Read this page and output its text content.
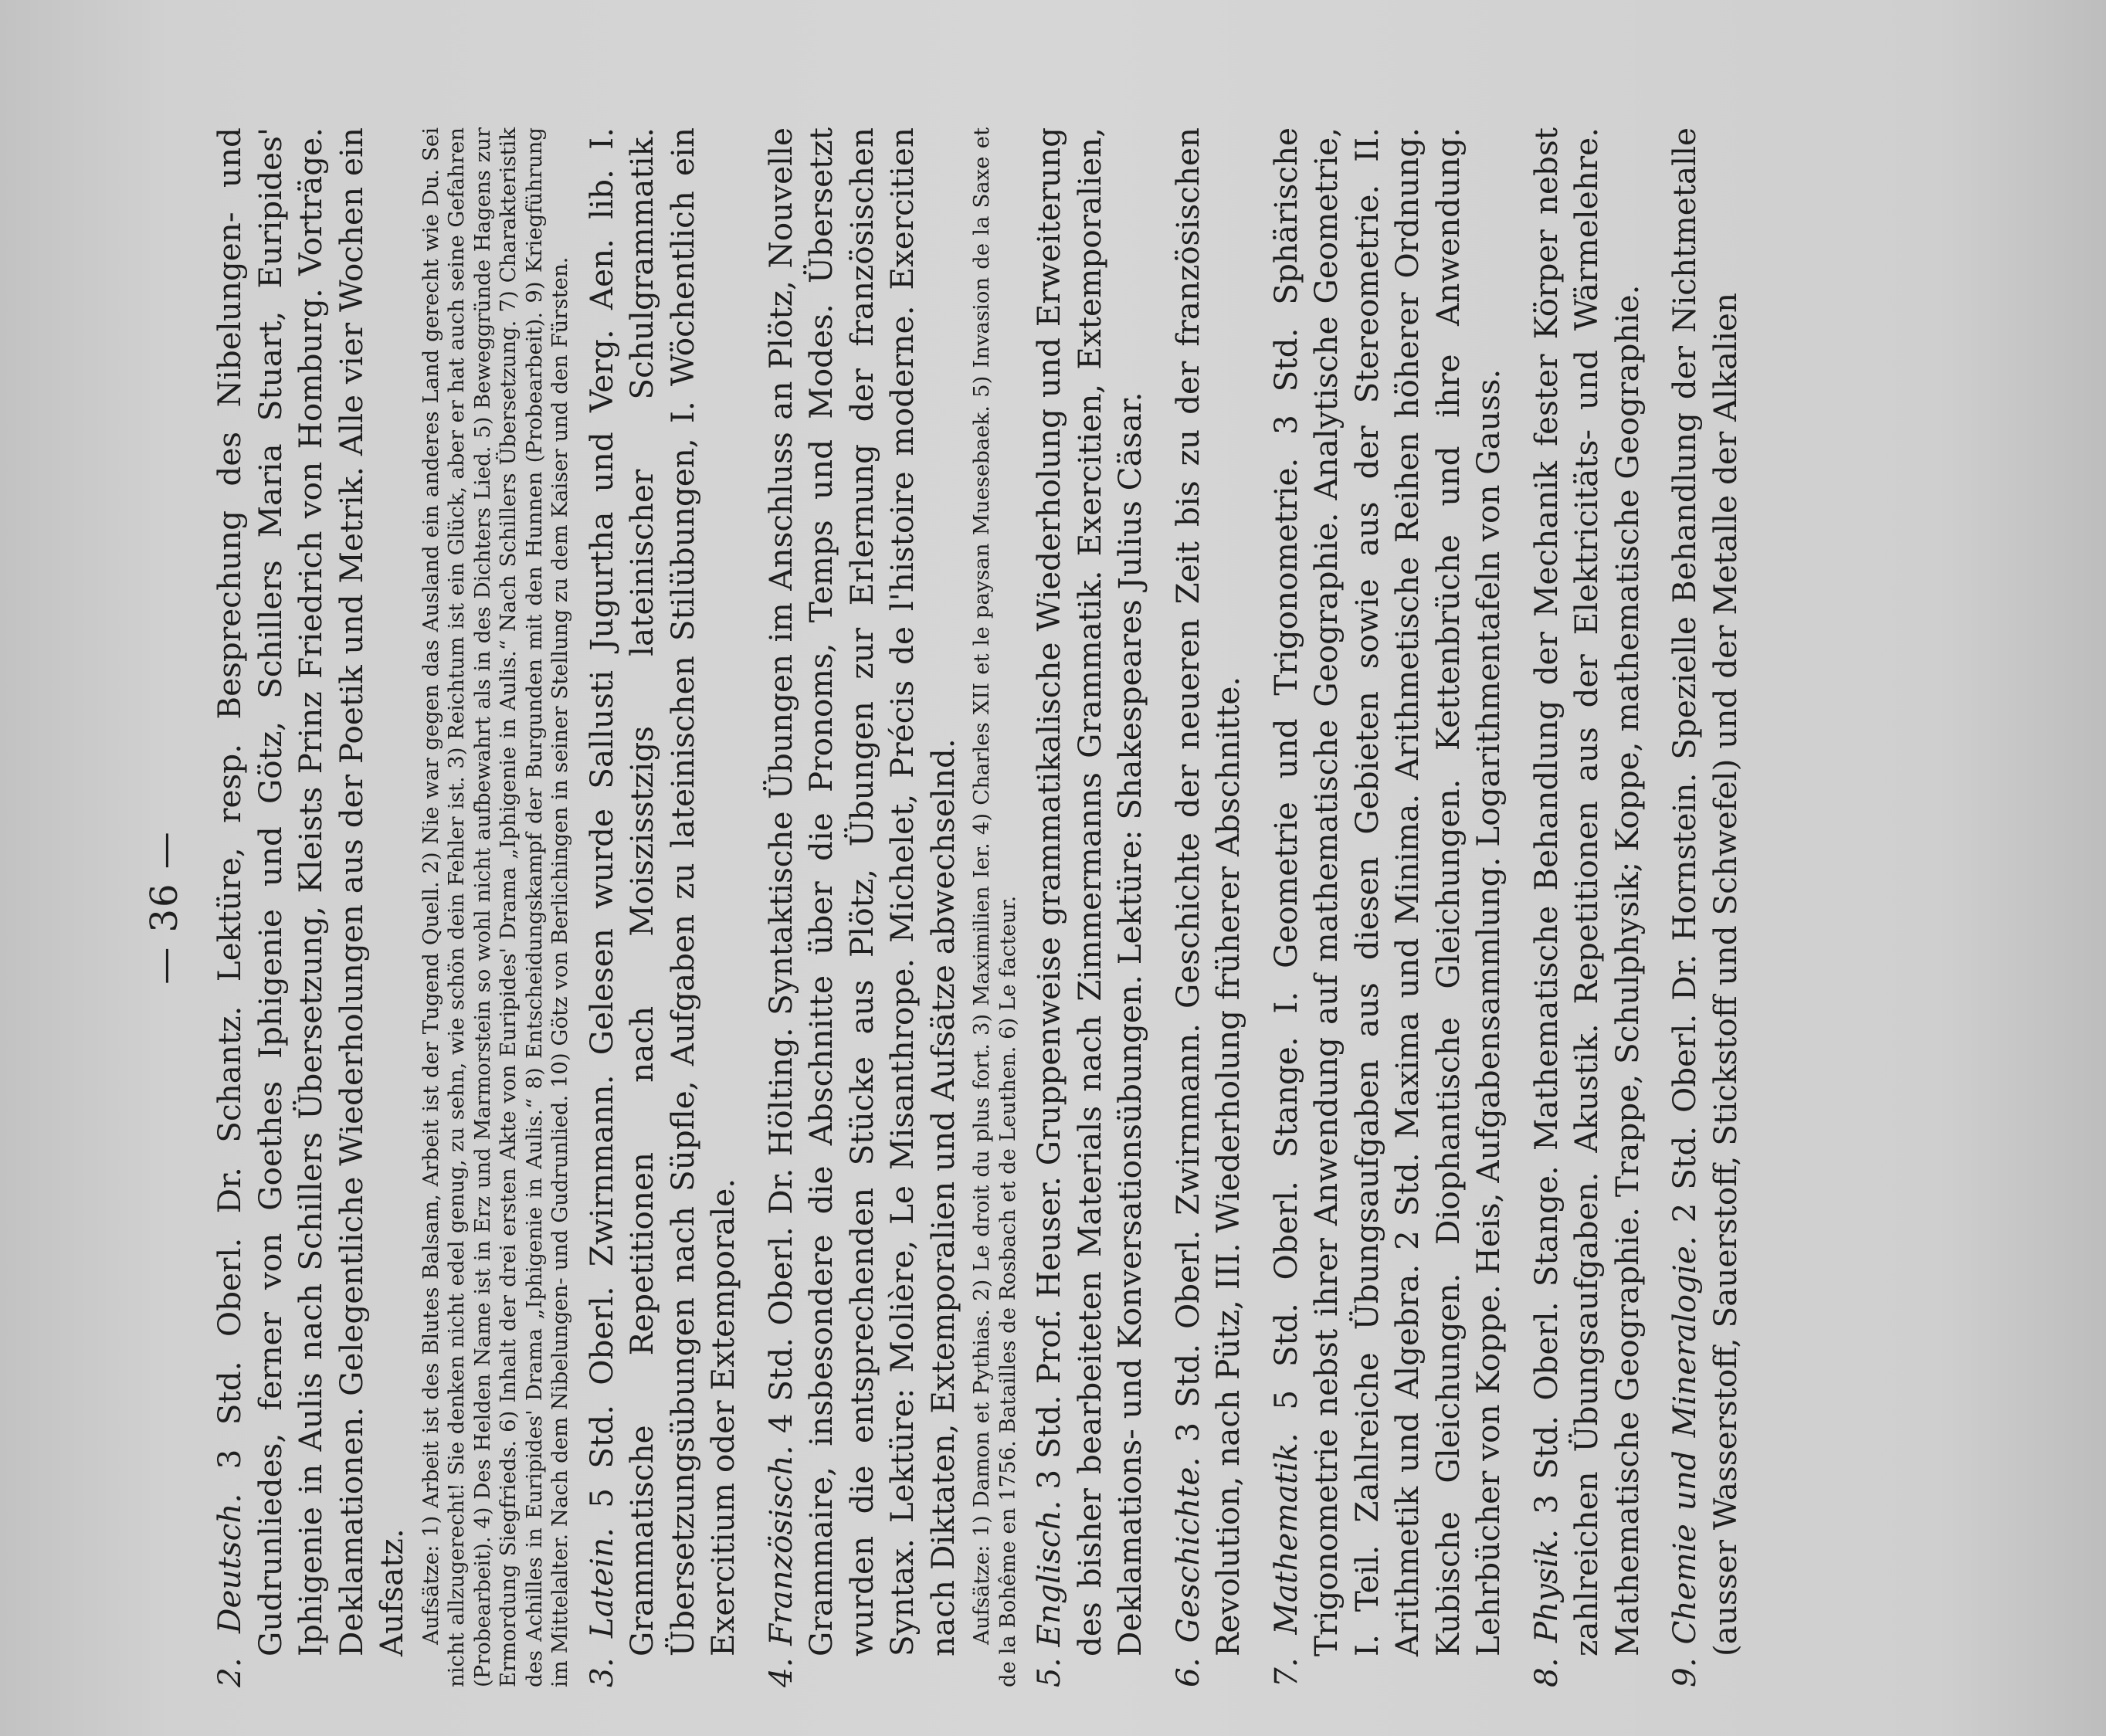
— 36 —
2. Deutsch. 3 Std. Oberl. Dr. Schantz. Lektüre, resp. Besprechung des Nibelungen- und Gudrunliedes, ferner von Goethes Iphigenie und Götz, Schillers Maria Stuart, Euripides' Iphigenie in Aulis nach Schillers Übersetzung, Kleists Prinz Friedrich von Homburg. Vorträge. Deklamationen. Gelegentliche Wiederholungen aus der Poetik und Metrik. Alle vier Wochen ein Aufsatz. Aufsätze: 1) Arbeit ist des Blutes Balsam, Arbeit ist der Tugend Quell. 2) Nie war gegen das Ausland ein anderes Land gerecht wie Du. Sei nicht allzugerecht! Sie denken nicht edel genug, zu sehn, wie schön dein Fehler ist. 3) Reichtum ist ein Glück, aber er hat auch seine Gefahren (Probearbeit). 4) Des Helden Name ist in Erz und Marmorstein so wohl nicht aufbewahrt als in des Dichters Lied. 5) Beweggründe Hagens zur Ermordung Siegfrieds. 6) Inhalt der drei ersten Akte von Euripides' Drama „Iphigenie in Aulis.“ Nach Schillers Übersetzung. 7) Charakteristik des Achilles in Euripides' Drama „Iphigenie in Aulis.“ 8) Entscheidungskampf der Burgunden mit den Hunnen (Probearbeit). 9) Kriegführung im Mittelalter. Nach dem Nibelungen- und Gudrunlied. 10) Götz von Berlichingen in seiner Stellung zu dem Kaiser und den Fürsten. 3. Latein. 5 Std. Oberl. Zwirnmann. Gelesen wurde Sallusti Jugurtha und Verg. Aen. lib. I. Grammatische Repetitionen nach Moiszisstzigs lateinischer Schulgrammatik. Übersetzungsübungen nach Süpfle, Aufgaben zu lateinischen Stilübungen, I. Wöchentlich ein Exercitium oder Extemporale. 4. Französisch. 4 Std. Oberl. Dr. Hölting. Syntaktische Übungen im Anschluss an Plötz, Nouvelle Grammaire, insbesondere die Abschnitte über die Pronoms, Temps und Modes. Übersetzt wurden die entsprechenden Stücke aus Plötz, Übungen zur Erlernung der französischen Syntax. Lektüre: Molière, Le Misanthrope. Michelet, Précis de l'histoire moderne. Exercitien nach Diktaten, Extemporalien und Aufsätze abwechselnd. Aufsätze: 1) Damon et Pythias. 2) Le droit du plus fort. 3) Maximilien Ier. 4) Charles XII et le paysan Muesebaek. 5) Invasion de la Saxe et de la Bohême en 1756. Batailles de Rosbach et de Leuthen. 6) Le facteur. 5. Englisch. 3 Std. Prof. Heuser. Gruppenweise grammatikalische Wiederholung und Erweiterung des bisher bearbeiteten Materials nach Zimmermanns Grammatik. Exercitien, Extemporalien, Deklamations- und Konversationsübungen. Lektüre: Shakespeares Julius Cäsar. 6. Geschichte. 3 Std. Oberl. Zwirnmann. Geschichte der neueren Zeit bis zu der französischen Revolution, nach Pütz, III. Wiederholung früherer Abschnitte. 7. Mathematik. 5 Std. Oberl. Stange. I. Geometrie und Trigonometrie. 3 Std. Sphärische Trigonometrie nebst ihrer Anwendung auf mathematische Geographie. Analytische Geometrie, I. Teil. Zahlreiche Übungsaufgaben aus diesen Gebieten sowie aus der Stereometrie. II. Arithmetik und Algebra. 2 Std. Maxima und Minima. Arithmetische Reihen höherer Ordnung. Kubische Gleichungen. Diophantische Gleichungen. Kettenbrüche und ihre Anwendung. Lehrbücher von Koppe. Heis, Aufgabensammlung. Logarithmentafeln von Gauss. 8. Physik. 3 Std. Oberl. Stange. Mathematische Behandlung der Mechanik fester Körper nebst zahlreichen Übungsaufgaben. Akustik. Repetitionen aus der Elektricitäts- und Wärmelehre. Mathematische Geographie. Trappe, Schulphysik; Koppe, mathematische Geographie. 9. Chemie und Mineralogie. 2 Std. Oberl. Dr. Hornstein. Spezielle Behandlung der Nichtmetalle (ausser Wasserstoff, Sauerstoff, Stickstoff und Schwefel) und der Metalle der Alkalien
